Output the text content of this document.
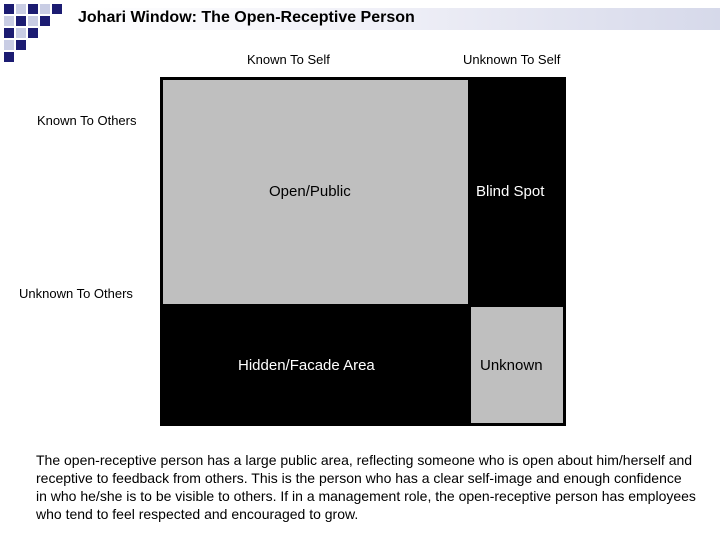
Johari Window: The Open-Receptive Person
Known To Self	Unknown To Self
Known To Others
Unknown To Others
Open/Public	Blind Spot
Hidden/Facade Area	Unknown
The open-receptive person has a large public area, reflecting someone who is open about him/herself and receptive to feedback from others. This is the person who has a clear self-image and enough confidence in who he/she is to be visible to others. If in a management role, the open-receptive person has employees who tend to feel respected and encouraged to grow.
